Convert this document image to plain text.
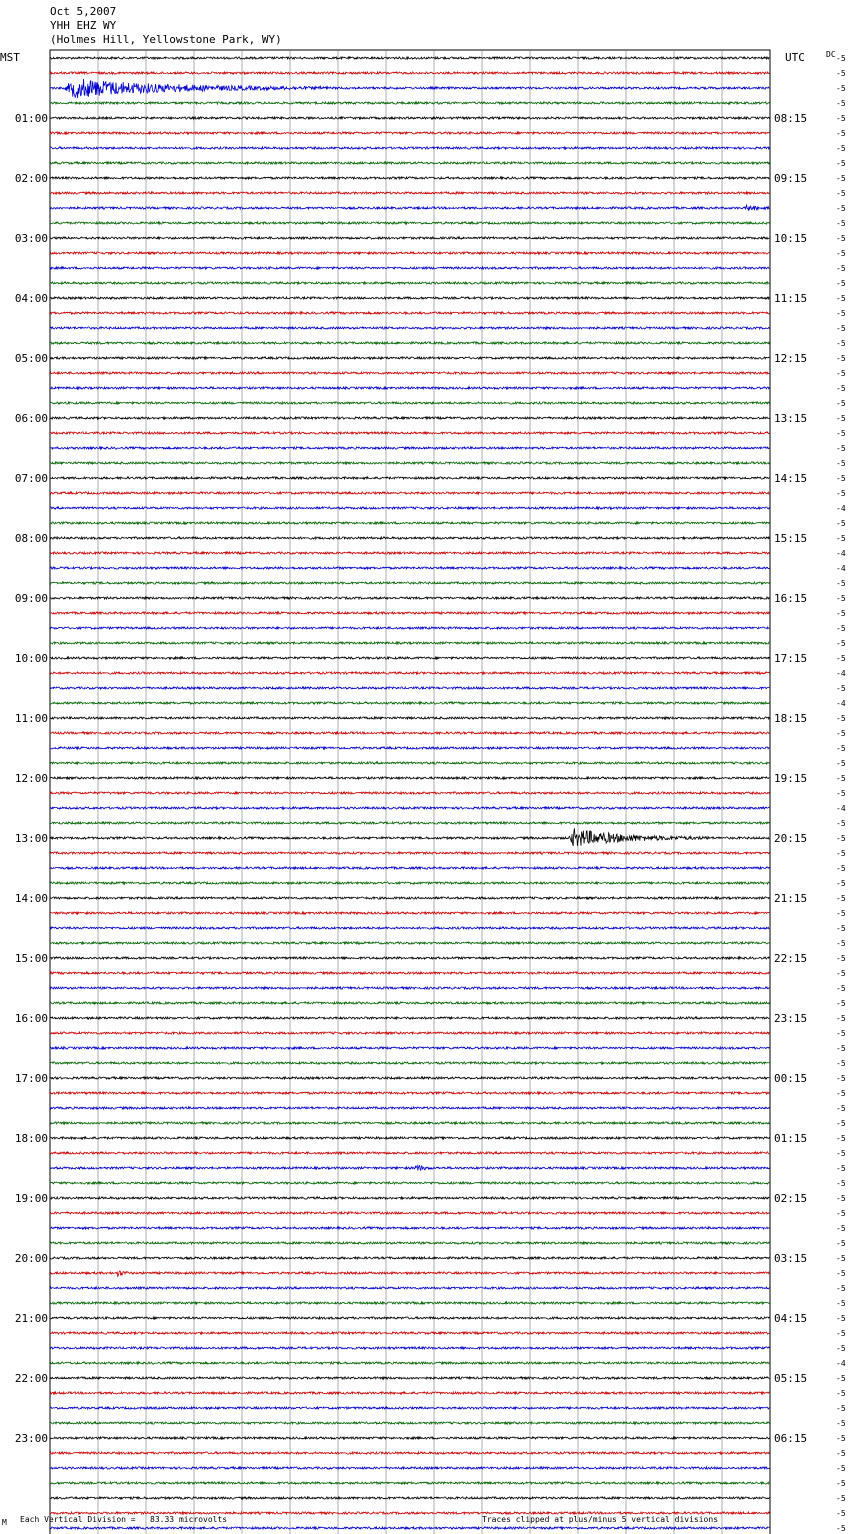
MST	UTC	DC
01:00	08:15
02:00	09:15
03:00	10:15
04:00	11:15
05:00	12:15
06:00	13:15
07:00	14:15
08:00	15:15
09:00	16:15
10:00	17:15
11:00	18:15
12:00	19:15
13:00	20:15
14:00	21:15
15:00	22:15
16:00	23:15
17:00	00:15
18:00	01:15
19:00	02:15
20:00	03:15
21:00	04:15
22:00	05:15
23:00	06:15
-5
-5
-5
-5
-5
-5
-5
-5
-5
-5
-5
-5
-5
-5
-5
-5
-5
-5
-5
-5
-5
-5
-5
-5
-5
-5
-5
-5
-5
-5
-4
-5
-5
-4
-4
-5
-5
-5
-5
-5
-5
-4
-5
-4
-5
-5
-5
-5
-5
-5
-4
-5
-5
-5
-5
-5
-5
-5
-5
-5
-5
-5
-5
-5
-5
-5
-5
-5
-5
-5
-5
-5
-5
-5
-5
-5
-5
-5
-5
-5
-5
-5
-5
-5
-5
-5
-5
-4
-5
-5
-5
-5
-5
-5
-5
-5
-5
-5
-5
Oct 5,2007
YHH EHZ WY
(Holmes Hill, Yellowstone Park, WY)
M Each Vertical Division =   83.33 microvolts	Traces clipped at plus/minus 5 vertical divisions
